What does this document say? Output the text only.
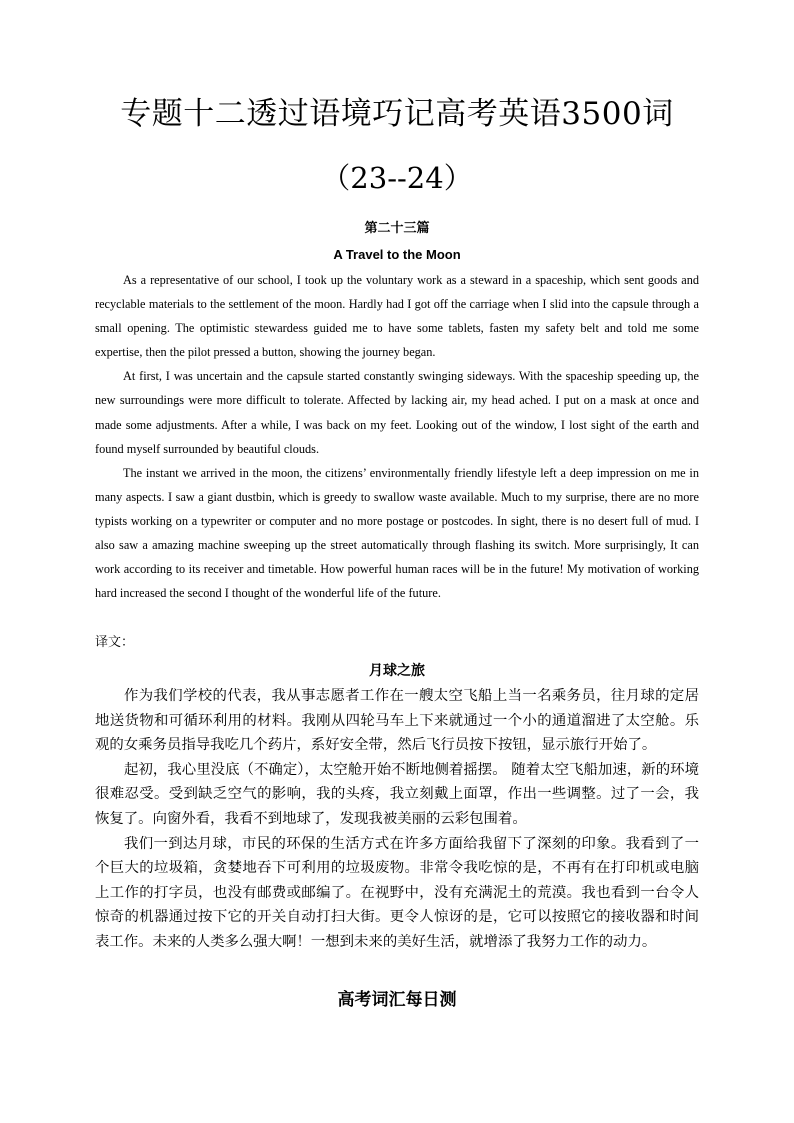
专题十二透过语境巧记高考英语3500词
（23--24）
第二十三篇
A Travel to the Moon

As a representative of our school, I took up the voluntary work as a steward in a spaceship, which sent goods and recyclable materials to the settlement of the moon. Hardly had I got off the carriage when I slid into the capsule through a small opening. The optimistic stewardess guided me to have some tablets, fasten my safety belt and told me some expertise, then the pilot pressed a button, showing the journey began.

At first, I was uncertain and the capsule started constantly swinging sideways. With the spaceship speeding up, the new surroundings were more difficult to tolerate. Affected by lacking air, my head ached. I put on a mask at once and made some adjustments. After a while, I was back on my feet. Looking out of the window, I lost sight of the earth and found myself surrounded by beautiful clouds.

The instant we arrived in the moon, the citizens’ environmentally friendly lifestyle left a deep impression on me in many aspects. I saw a giant dustbin, which is greedy to swallow waste available. Much to my surprise, there are no more typists working on a typewriter or computer and no more postage or postcodes. In sight, there is no desert full of mud. I also saw a amazing machine sweeping up the street automatically through flashing its switch. More surprisingly, It can work according to its receiver and timetable. How powerful human races will be in the future! My motivation of working hard increased the second I thought of the wonderful life of the future.

译文：
月球之旅

作为我们学校的代表，我从事志愿者工作在一艘太空飞船上当一名乘务员，往月球的定居地送货物和可循环利用的材料。我刚从四轮马车上下来就通过一个小的通道溜进了太空舱。乐观的女乘务员指导我吃几个药片，系好安全带，然后飞行员按下按钮，显示旅行开始了。

起初，我心里没底（不确定），太空舱开始不断地侧着摇摆。 随着太空飞船加速，新的环境很难忍受。受到缺乏空气的影响，我的头疼，我立刻戴上面罩，作出一些调整。过了一会，我恢复了。向窗外看，我看不到地球了，发现我被美丽的云彩包围着。

我们一到达月球，市民的环保的生活方式在许多方面给我留下了深刻的印象。我看到了一个巨大的垃圾箱，贪婪地吞下可利用的垃圾废物。非常令我吃惊的是，不再有在打印机或电脑上工作的打字员，也没有邮费或邮编了。在视野中，没有充满泥土的荒漠。我也看到一台令人惊奇的机器通过按下它的开关自动打扫大街。更令人惊讶的是，它可以按照它的接收器和时间表工作。未来的人类多么强大啊！一想到未来的美好生活，就增添了我努力工作的动力。

高考词汇每日测
